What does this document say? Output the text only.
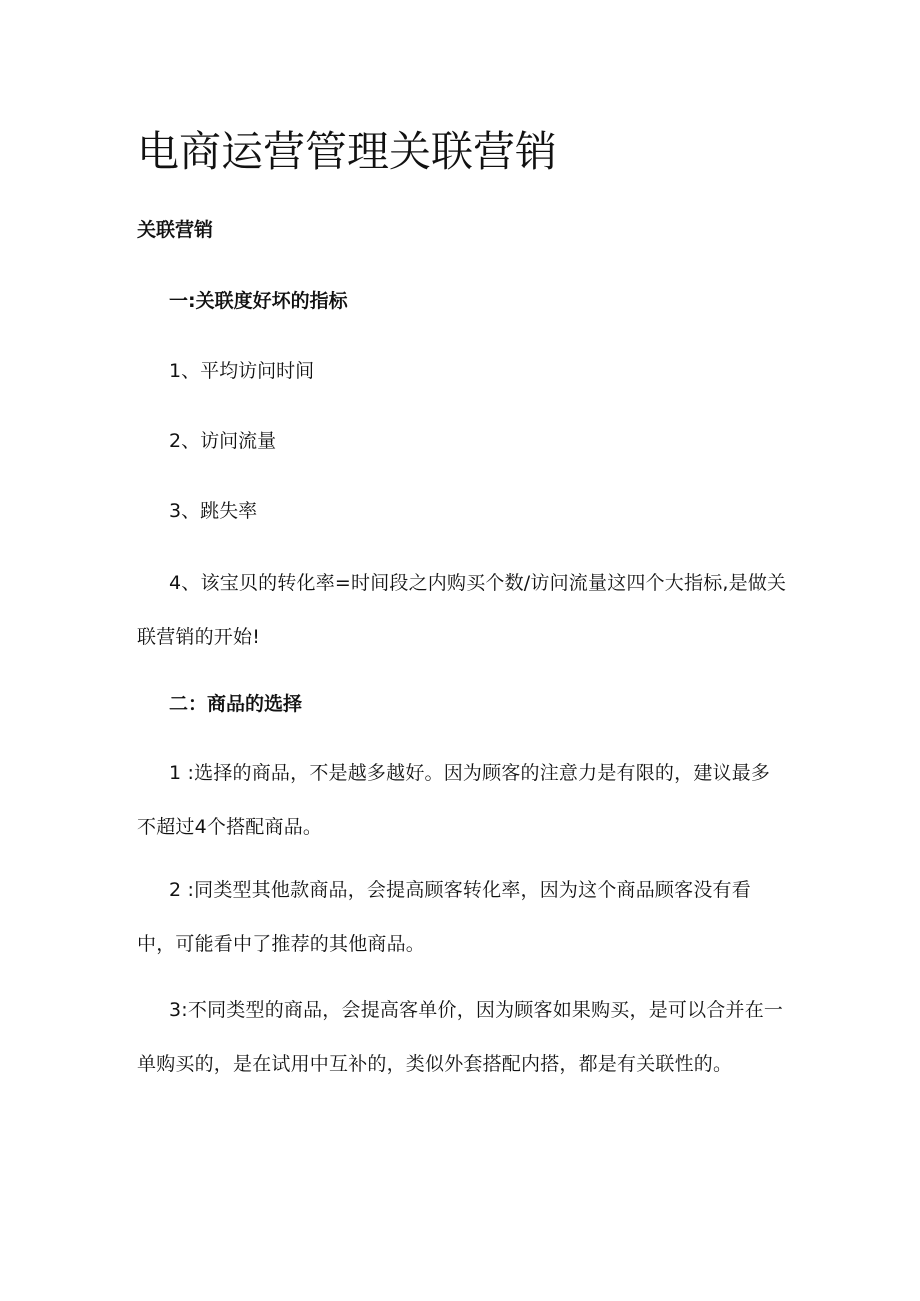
电商运营管理关联营销
关联营销
一:关联度好坏的指标

1、平均访问时间

2、访问流量

3、跳失率

4、该宝贝的转化率=时间段之内购买个数/访问流量这四个大指标,是做关联营销的开始!

二：商品的选择

1 :选择的商品，不是越多越好。因为顾客的注意力是有限的，建议最多不超过4个搭配商品。

2 :同类型其他款商品，会提高顾客转化率，因为这个商品顾客没有看中，可能看中了推荐的其他商品。

3:不同类型的商品，会提高客单价，因为顾客如果购买，是可以合并在一单购买的，是在试用中互补的，类似外套搭配内搭，都是有关联性的。
